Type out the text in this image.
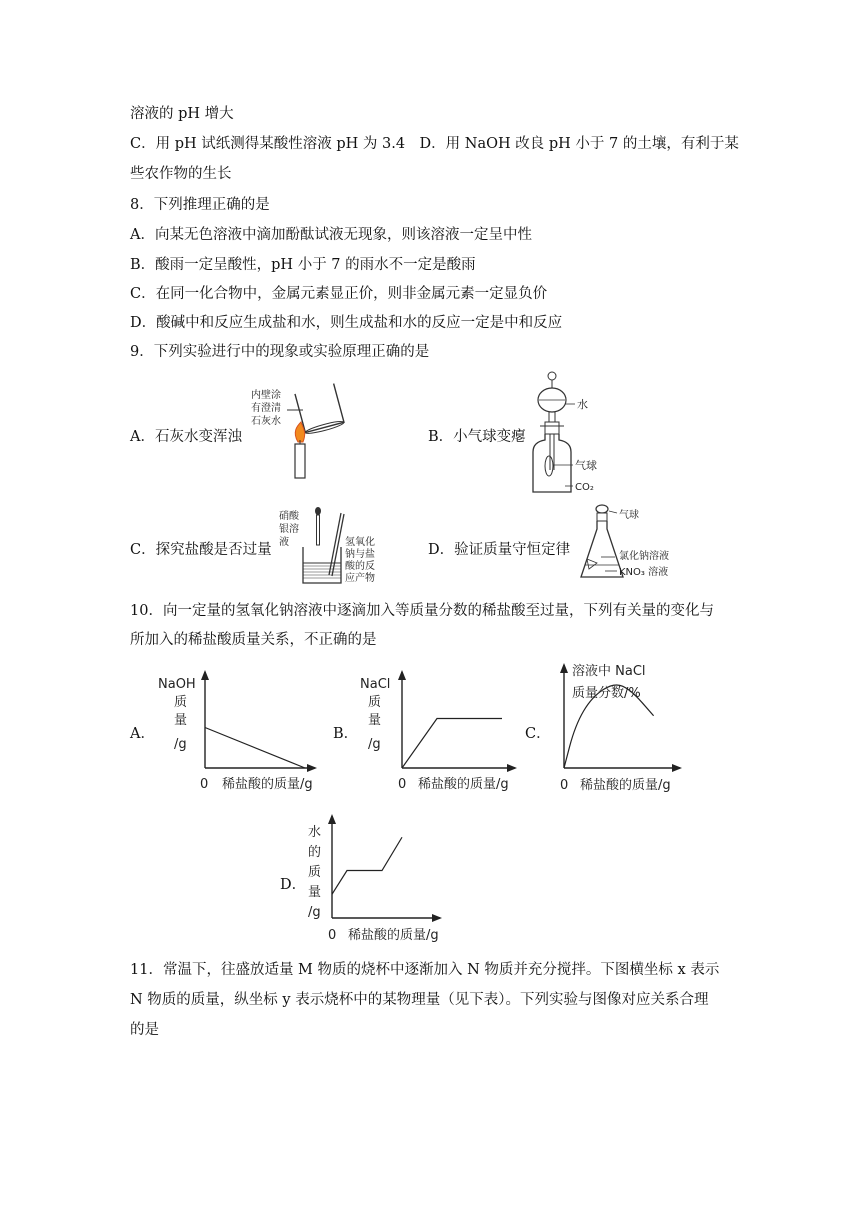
溶液的 pH 增大
C．用 pH 试纸测得某酸性溶液 pH 为 3.4　D．用 NaOH 改良 pH 小于 7 的土壤，有利于某
些农作物的生长
8．下列推理正确的是
A．向某无色溶液中滴加酚酞试液无现象，则该溶液一定呈中性
B．酸雨一定呈酸性，pH 小于 7 的雨水不一定是酸雨
C．在同一化合物中，金属元素显正价，则非金属元素一定显负价
D．酸碱中和反应生成盐和水，则生成盐和水的反应一定是中和反应
9．下列实验进行中的现象或实验原理正确的是
A．石灰水变浑浊	B．小气球变瘪
C．探究盐酸是否过量	D．验证质量守恒定律
内壁涂
有澄清
石灰水
水
气球
CO₂
硝酸
银溶
液	氢氧化
钠与盐
酸的反
应产物
气球
氯化钠溶液
KNO₃ 溶液
10．向一定量的氢氧化钠溶液中逐滴加入等质量分数的稀盐酸至过量，下列有关量的变化与
所加入的稀盐酸质量关系，不正确的是
A．	B．	C．
D．
NaOH
质
量
/g
0 稀盐酸的质量/g
NaCl
质
量
/g
0 稀盐酸的质量/g
溶液中 NaCl
质量分数/%
0 稀盐酸的质量/g
水
的
质
量
/g
0 稀盐酸的质量/g
11．常温下，往盛放适量 M 物质的烧杯中逐渐加入 N 物质并充分搅拌。下图横坐标 x 表示
N 物质的质量，纵坐标 y 表示烧杯中的某物理量（见下表）。下列实验与图像对应关系合理
的是
